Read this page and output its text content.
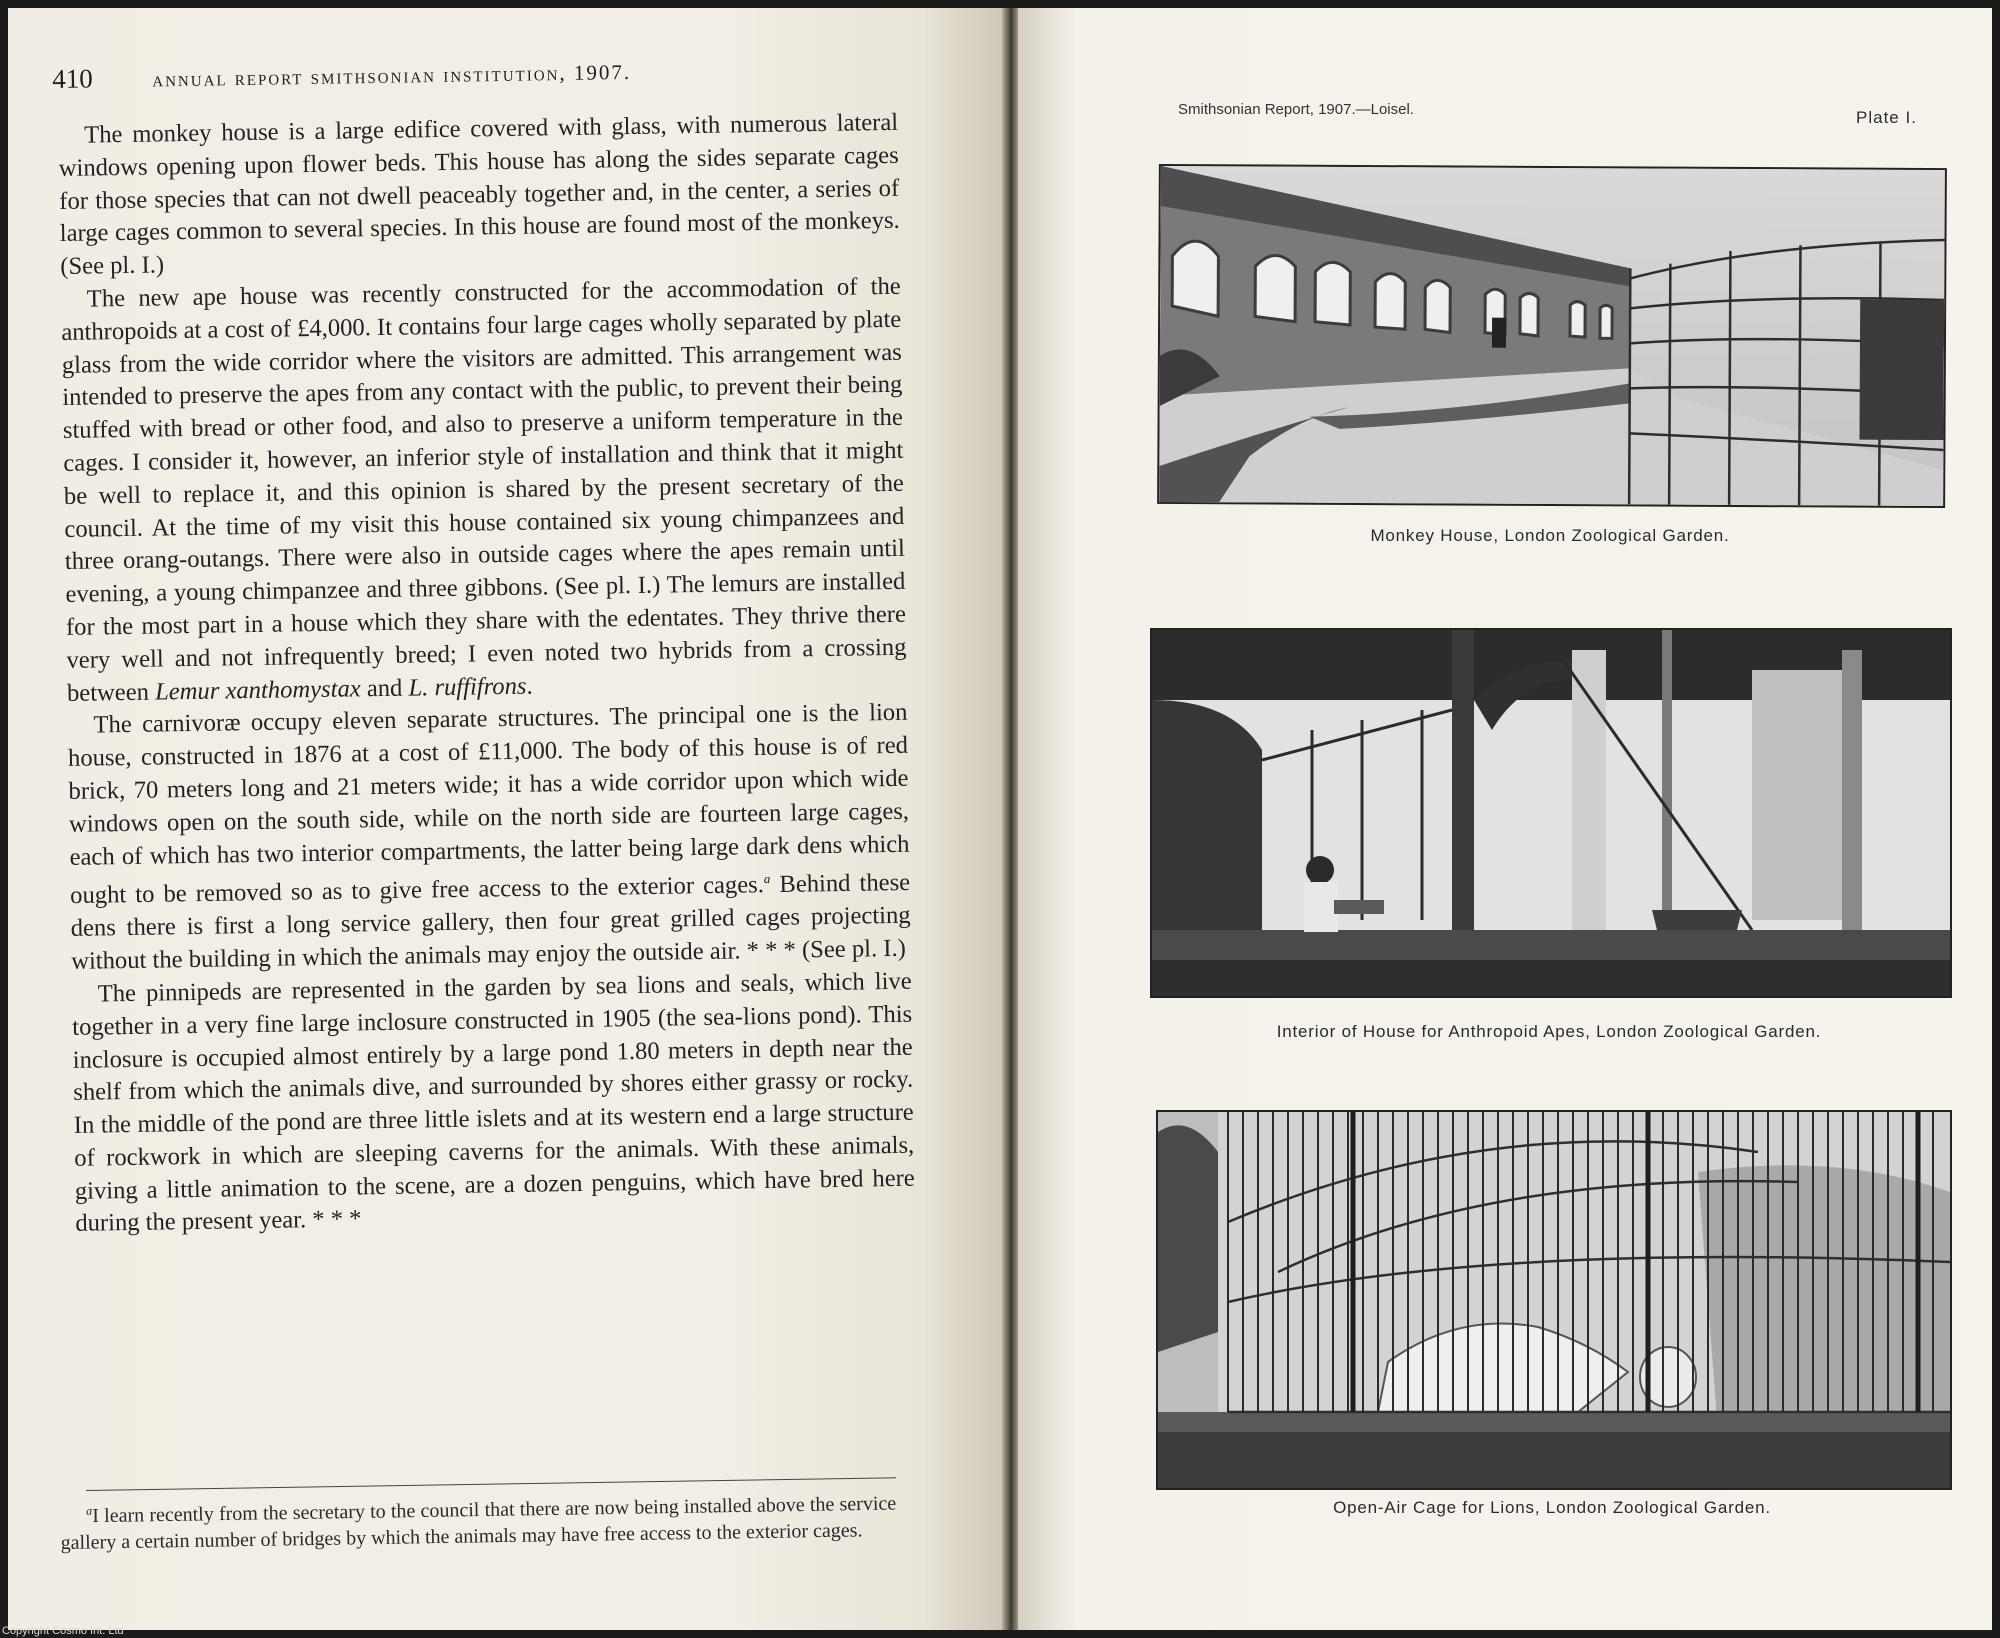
410	annual report smithsonian institution, 1907.

The monkey house is a large edifice covered with glass, with numerous lateral windows opening upon flower beds. This house has along the sides separate cages for those species that can not dwell peaceably together and, in the center, a series of large cages common to several species. In this house are found most of the monkeys. (See pl. I.)

The new ape house was recently constructed for the accommodation of the anthropoids at a cost of £4,000. It contains four large cages wholly separated by plate glass from the wide corridor where the visitors are admitted. This arrangement was intended to preserve the apes from any contact with the public, to prevent their being stuffed with bread or other food, and also to preserve a uniform temperature in the cages. I consider it, however, an inferior style of installation and think that it might be well to replace it, and this opinion is shared by the present secretary of the council. At the time of my visit this house contained six young chimpanzees and three orang-outangs. There were also in outside cages where the apes remain until evening, a young chimpanzee and three gibbons. (See pl. I.) The lemurs are installed for the most part in a house which they share with the edentates. They thrive there very well and not infrequently breed; I even noted two hybrids from a crossing between Lemur xanthomystax and L. ruffifrons.

The carnivoræ occupy eleven separate structures. The principal one is the lion house, constructed in 1876 at a cost of £11,000. The body of this house is of red brick, 70 meters long and 21 meters wide; it has a wide corridor upon which wide windows open on the south side, while on the north side are fourteen large cages, each of which has two interior compartments, the latter being large dark dens which ought to be removed so as to give free access to the exterior cages.$^a$ Behind these dens there is first a long service gallery, then four great grilled cages projecting without the building in which the animals may enjoy the outside air. * * * (See pl. I.)

The pinnipeds are represented in the garden by sea lions and seals, which live together in a very fine large inclosure constructed in 1905 (the sea-lions pond). This inclosure is occupied almost entirely by a large pond 1.80 meters in depth near the shelf from which the animals dive, and surrounded by shores either grassy or rocky. In the middle of the pond are three little islets and at its western end a large structure of rockwork in which are sleeping caverns for the animals. With these animals, giving a little animation to the scene, are a dozen penguins, which have bred here during the present year. * * *

$^a$I learn recently from the secretary to the council that there are now being installed above the service gallery a certain number of bridges by which the animals may have free access to the exterior cages.
Smithsonian Report, 1907.—Loisel.	Plate I.
Monkey House, London Zoological Garden.
Interior of House for Anthropoid Apes, London Zoological Garden.
Open-Air Cage for Lions, London Zoological Garden.
Copyright Cosmo Int. Ltd
